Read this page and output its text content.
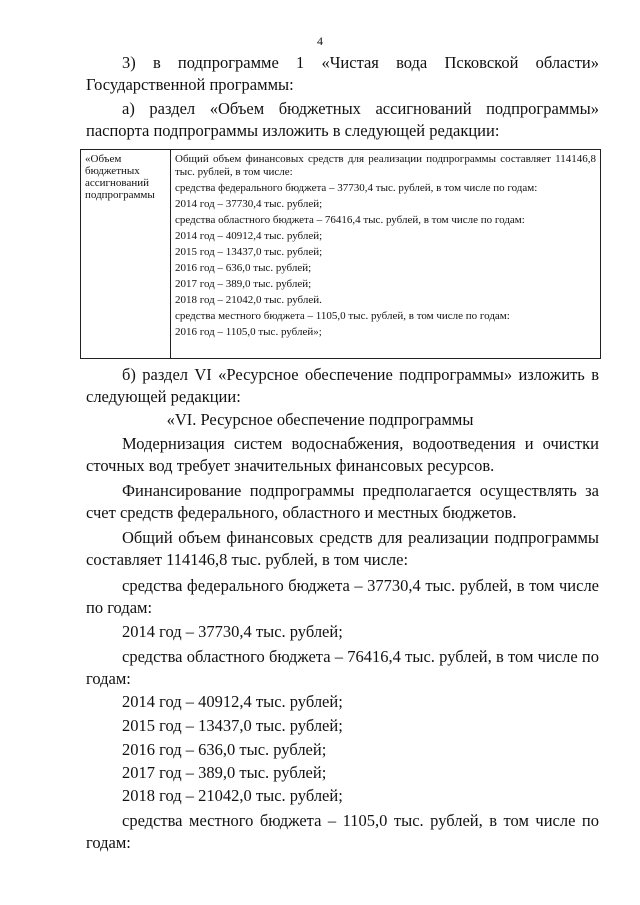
4
3) в подпрограмме 1 «Чистая вода Псковской области» Государственной программы:
а) раздел «Объем бюджетных ассигнований подпрограммы»
паспорта подпрограммы изложить в следующей редакции:
«Объем бюджетных ассигнований подпрограммы
Общий объем финансовых средств для реализации подпрограммы составляет 114146,8 тыс. рублей, в том числе:
средства федерального бюджета – 37730,4 тыс. рублей, в том числе по годам:
2014 год – 37730,4 тыс. рублей;
средства областного бюджета – 76416,4 тыс. рублей, в том числе по годам:
2014 год – 40912,4 тыс. рублей;
2015 год – 13437,0 тыс. рублей;
2016 год – 636,0 тыс. рублей;
2017 год – 389,0 тыс. рублей;
2018 год – 21042,0 тыс. рублей.
средства местного бюджета – 1105,0 тыс. рублей, в том числе по годам:
2016 год – 1105,0 тыс. рублей»;
б) раздел VI «Ресурсное обеспечение подпрограммы» изложить в следующей редакции:
«VI. Ресурсное обеспечение подпрограммы
Модернизация систем водоснабжения, водоотведения и очистки сточных вод требует значительных финансовых ресурсов.
Финансирование подпрограммы предполагается осуществлять за счет средств федерального, областного и местных бюджетов.
Общий объем финансовых средств для реализации подпрограммы составляет 114146,8 тыс. рублей, в том числе:
средства федерального бюджета – 37730,4 тыс. рублей, в том числе по годам:
2014 год – 37730,4 тыс. рублей;
средства областного бюджета – 76416,4 тыс. рублей, в том числе по годам:
2014 год – 40912,4 тыс. рублей;
2015 год – 13437,0 тыс. рублей;
2016 год – 636,0 тыс. рублей;
2017 год – 389,0 тыс. рублей;
2018 год – 21042,0 тыс. рублей;
средства местного бюджета – 1105,0 тыс. рублей, в том числе по годам:
